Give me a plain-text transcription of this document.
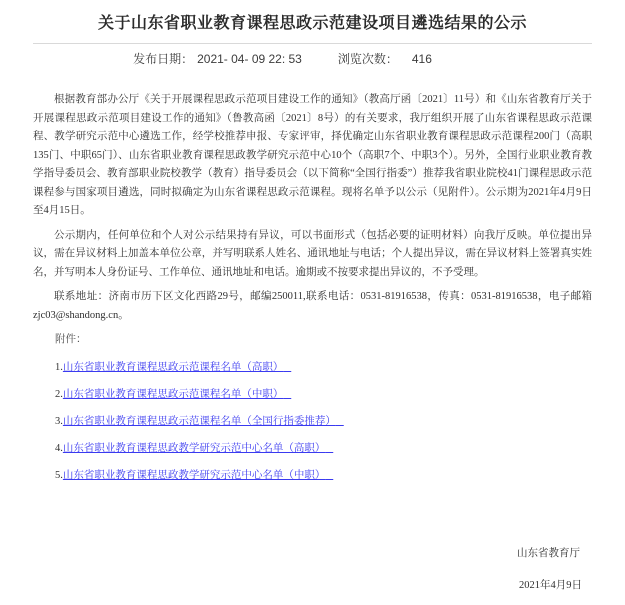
关于山东省职业教育课程思政示范建设项目遴选结果的公示
发布日期： 2021- 04- 09 22: 53	浏览次数： 416

根据教育部办公厅《关于开展课程思政示范项目建设工作的通知》（教高厅函〔2021〕11号）和《山东省教育厅关于开展课程思政示范项目建设工作的通知》（鲁教高函〔2021〕8号）的有关要求，我厅组织开展了山东省课程思政示范课程、教学研究示范中心遴选工作，经学校推荐申报、专家评审，择优确定山东省职业教育课程思政示范课程200门（高职135门、中职65门）、山东省职业教育课程思政教学研究示范中心10个（高职7个、中职3个）。另外，全国行业职业教育教学指导委员会、教育部职业院校教学（教育）指导委员会（以下简称“全国行指委”）推荐我省职业院校41门课程思政示范课程参与国家项目遴选，同时拟确定为山东省课程思政示范课程。现将名单予以公示（见附件）。公示期为2021年4月9日至4月15日。

公示期内，任何单位和个人对公示结果持有异议，可以书面形式（包括必要的证明材料）向我厅反映。单位提出异议，需在异议材料上加盖本单位公章，并写明联系人姓名、通讯地址与电话；个人提出异议，需在异议材料上签署真实姓名，并写明本人身份证号、工作单位、通讯地址和电话。逾期或不按要求提出异议的，不予受理。

联系地址：济南市历下区文化西路29号，邮编250011,联系电话：0531-81916538，传真：0531-81916538，电子邮箱zjc03@shandong.cn。

附件：
1.山东省职业教育课程思政示范课程名单（高职）
2.山东省职业教育课程思政示范课程名单（中职）
3.山东省职业教育课程思政示范课程名单（全国行指委推荐）
4.山东省职业教育课程思政教学研究示范中心名单（高职）
5.山东省职业教育课程思政教学研究示范中心名单（中职）
山东省教育厅
2021年4月9日
